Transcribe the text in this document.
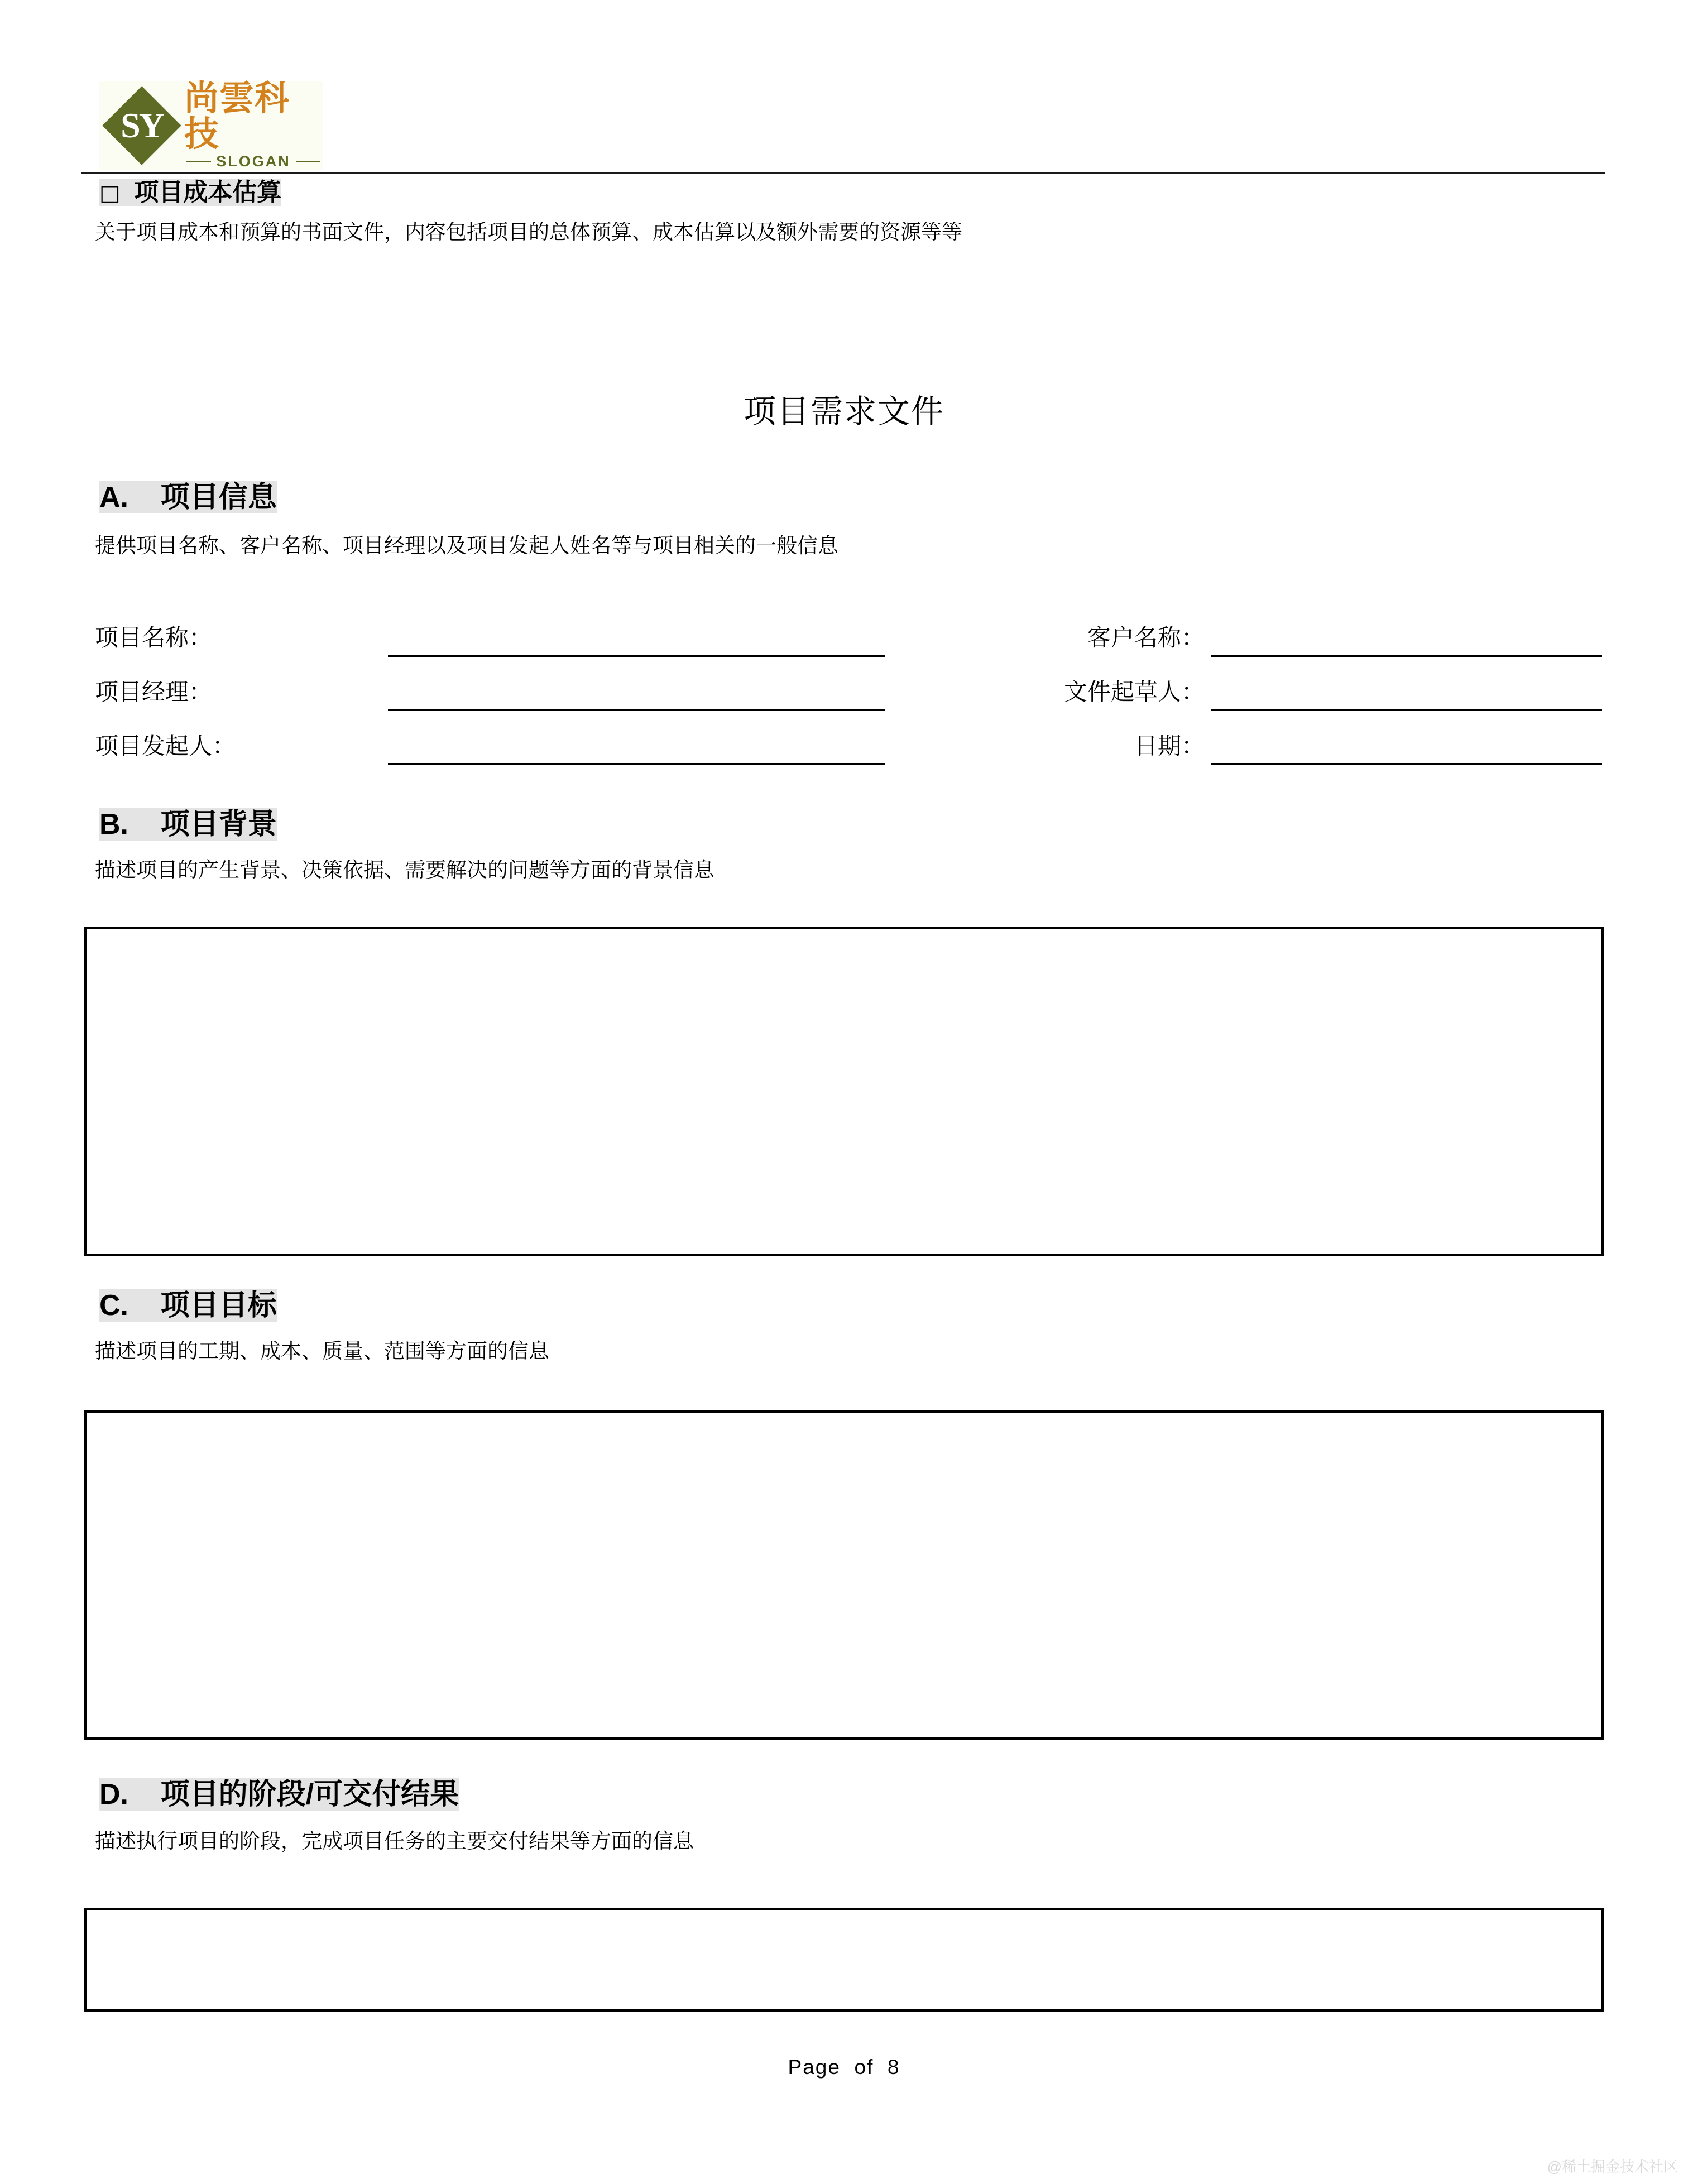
SY
尚雲科技
SLOGAN
□ 项目成本估算
关于项目成本和预算的书面文件，内容包括项目的总体预算、成本估算以及额外需要的资源等等
项目需求文件
A. 项目信息
提供项目名称、客户名称、项目经理以及项目发起人姓名等与项目相关的一般信息
项目名称：	客户名称：
项目经理：	文件起草人：
项目发起人：	日期：
B. 项目背景
描述项目的产生背景、决策依据、需要解决的问题等方面的背景信息
C. 项目目标
描述项目的工期、成本、质量、范围等方面的信息
D. 项目的阶段/可交付结果
描述执行项目的阶段，完成项目任务的主要交付结果等方面的信息
Page  of  8
@稀土掘金技术社区
